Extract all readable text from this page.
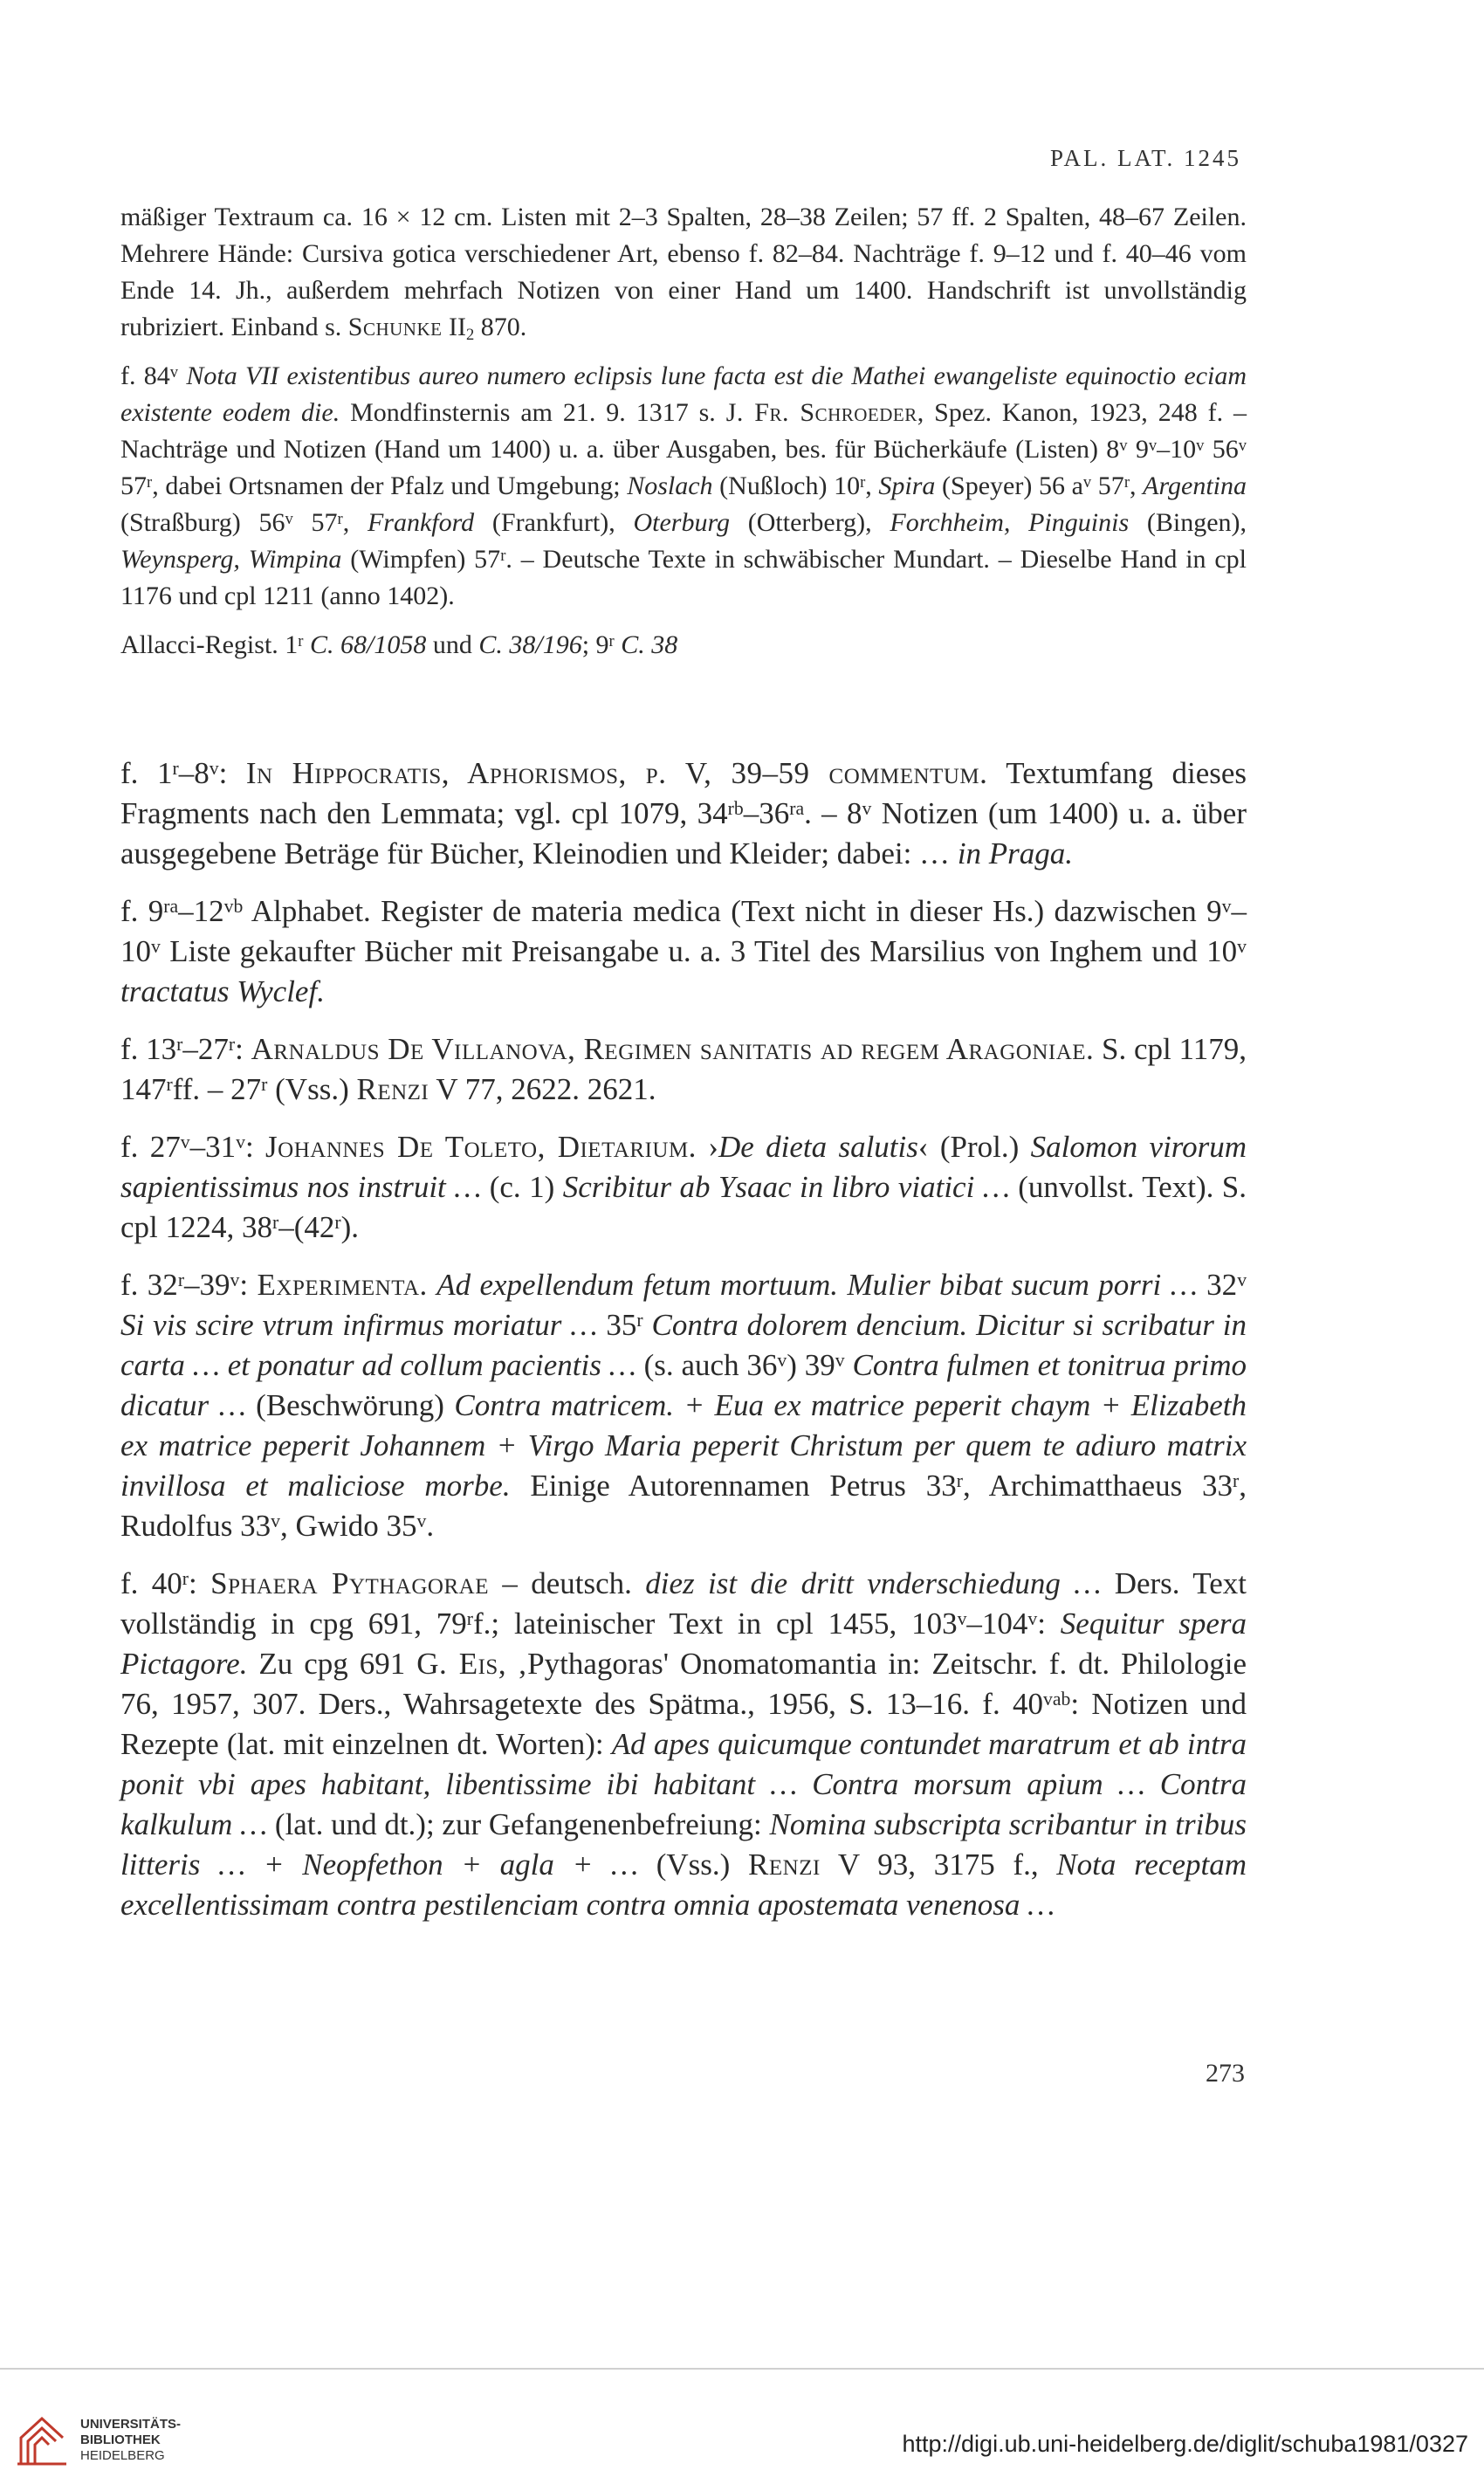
PAL. LAT. 1245

mäßiger Textraum ca. 16 × 12 cm. Listen mit 2–3 Spalten, 28–38 Zeilen; 57 ff. 2 Spalten, 48–67 Zeilen. Mehrere Hände: Cursiva gotica verschiedener Art, ebenso f. 82–84. Nachträge f. 9–12 und f. 40–46 vom Ende 14. Jh., außerdem mehrfach Notizen von einer Hand um 1400. Handschrift ist unvollständig rubriziert. Einband s. Schunke $II_2$ 870.

f. 84$^v$ Nota VII existentibus aureo numero eclipsis lune facta est die Mathei ewangeliste equinoctio eciam existente eodem die. Mondfinsternis am 21. 9. 1317 s. J. Fr. Schroeder, Spez. Kanon, 1923, 248 f. – Nachträge und Notizen (Hand um 1400) u. a. über Ausgaben, bes. für Bücherkäufe (Listen) 8$^v$ 9$^v$–10$^v$ 56$^v$ 57$^r$, dabei Ortsnamen der Pfalz und Umgebung; Noslach (Nußloch) 10$^r$, Spira (Speyer) 56 $a^v$ 57$^r$, Argentina (Straßburg) 56$^v$ 57$^r$, Frankford (Frankfurt), Oterburg (Otterberg), Forchheim, Pinguinis (Bingen), Weynsperg, Wimpina (Wimpfen) 57$^r$. – Deutsche Texte in schwäbischer Mundart. – Dieselbe Hand in cpl 1176 und cpl 1211 (anno 1402).

Allacci-Regist. 1$^r$ C. 68/1058 und C. 38/196; 9$^r$ C. 38

f. 1$^r$–8$^v$: In Hippocratis, Aphorismos, p. V, 39–59 commentum. Textumfang dieses Fragments nach den Lemmata; vgl. cpl 1079, $34^{rb}-36^{ra}$. – 8$^v$ Notizen (um 1400) u. a. über ausgegebene Beträge für Bücher, Kleinodien und Kleider; dabei: … in Praga.

f. $9^{ra}-12^{vb}$ Alphabet. Register de materia medica (Text nicht in dieser Hs.) dazwischen 9$^v$–10$^v$ Liste gekaufter Bücher mit Preisangabe u. a. 3 Titel des Marsilius von Inghem und 10$^v$ tractatus Wyclef.

f. 13$^r$–27$^r$: Arnaldus De Villanova, Regimen sanitatis ad regem Aragoniae. S. cpl 1179, 147$^r$ff. – 27$^r$ (Vss.) Renzi V 77, 2622. 2621.

f. 27$^v$–31$^v$: Johannes De Toleto, Dietarium. ›De dieta salutis‹ (Prol.) Salomon virorum sapientissimus nos instruit … (c. 1) Scribitur ab Ysaac in libro viatici … (unvollst. Text). S. cpl 1224, 38$^r$–(42$^r$).

f. 32$^r$–39$^v$: Experimenta. Ad expellendum fetum mortuum. Mulier bibat sucum porri … 32$^v$ Si vis scire vtrum infirmus moriatur … 35$^r$ Contra dolorem dencium. Dicitur si scribatur in carta … et ponatur ad collum pacientis … (s. auch 36$^v$) 39$^v$ Contra fulmen et tonitrua primo dicatur … (Beschwörung) Contra matricem. + Eua ex matrice peperit chaym + Elizabeth ex matrice peperit Johannem + Virgo Maria peperit Christum per quem te adiuro matrix invillosa et maliciose morbe. Einige Autorennamen Petrus 33$^r$, Archimatthaeus 33$^r$, Rudolfus 33$^v$, Gwido 35$^v$.

f. 40$^r$: Sphaera Pythagorae – deutsch. diez ist die dritt vnderschiedung … Ders. Text vollständig in cpg 691, 79$^r$f.; lateinischer Text in cpl 1455, 103$^v$–104$^v$: Sequitur spera Pictagore. Zu cpg 691 G. Eis, ‚Pythagoras' Onomatomantia in: Zeitschr. f. dt. Philologie 76, 1957, 307. Ders., Wahrsagetexte des Spätma., 1956, S. 13–16. f. $40^{vab}$: Notizen und Rezepte (lat. mit einzelnen dt. Worten): Ad apes quicumque contundet maratrum et ab intra ponit vbi apes habitant, libentissime ibi habitant … Contra morsum apium … Contra kalkulum … (lat. und dt.); zur Gefangenenbefreiung: Nomina subscripta scribantur in tribus litteris … + Neopfethon + agla + … (Vss.) Renzi V 93, 3175 f., Nota receptam excellentissimam contra pestilenciam contra omnia apostemata venenosa …

273
UNIVERSITÄTS-
BIBLIOTHEK
HEIDELBERG	http://digi.ub.uni-heidelberg.de/diglit/schuba1981/0327
